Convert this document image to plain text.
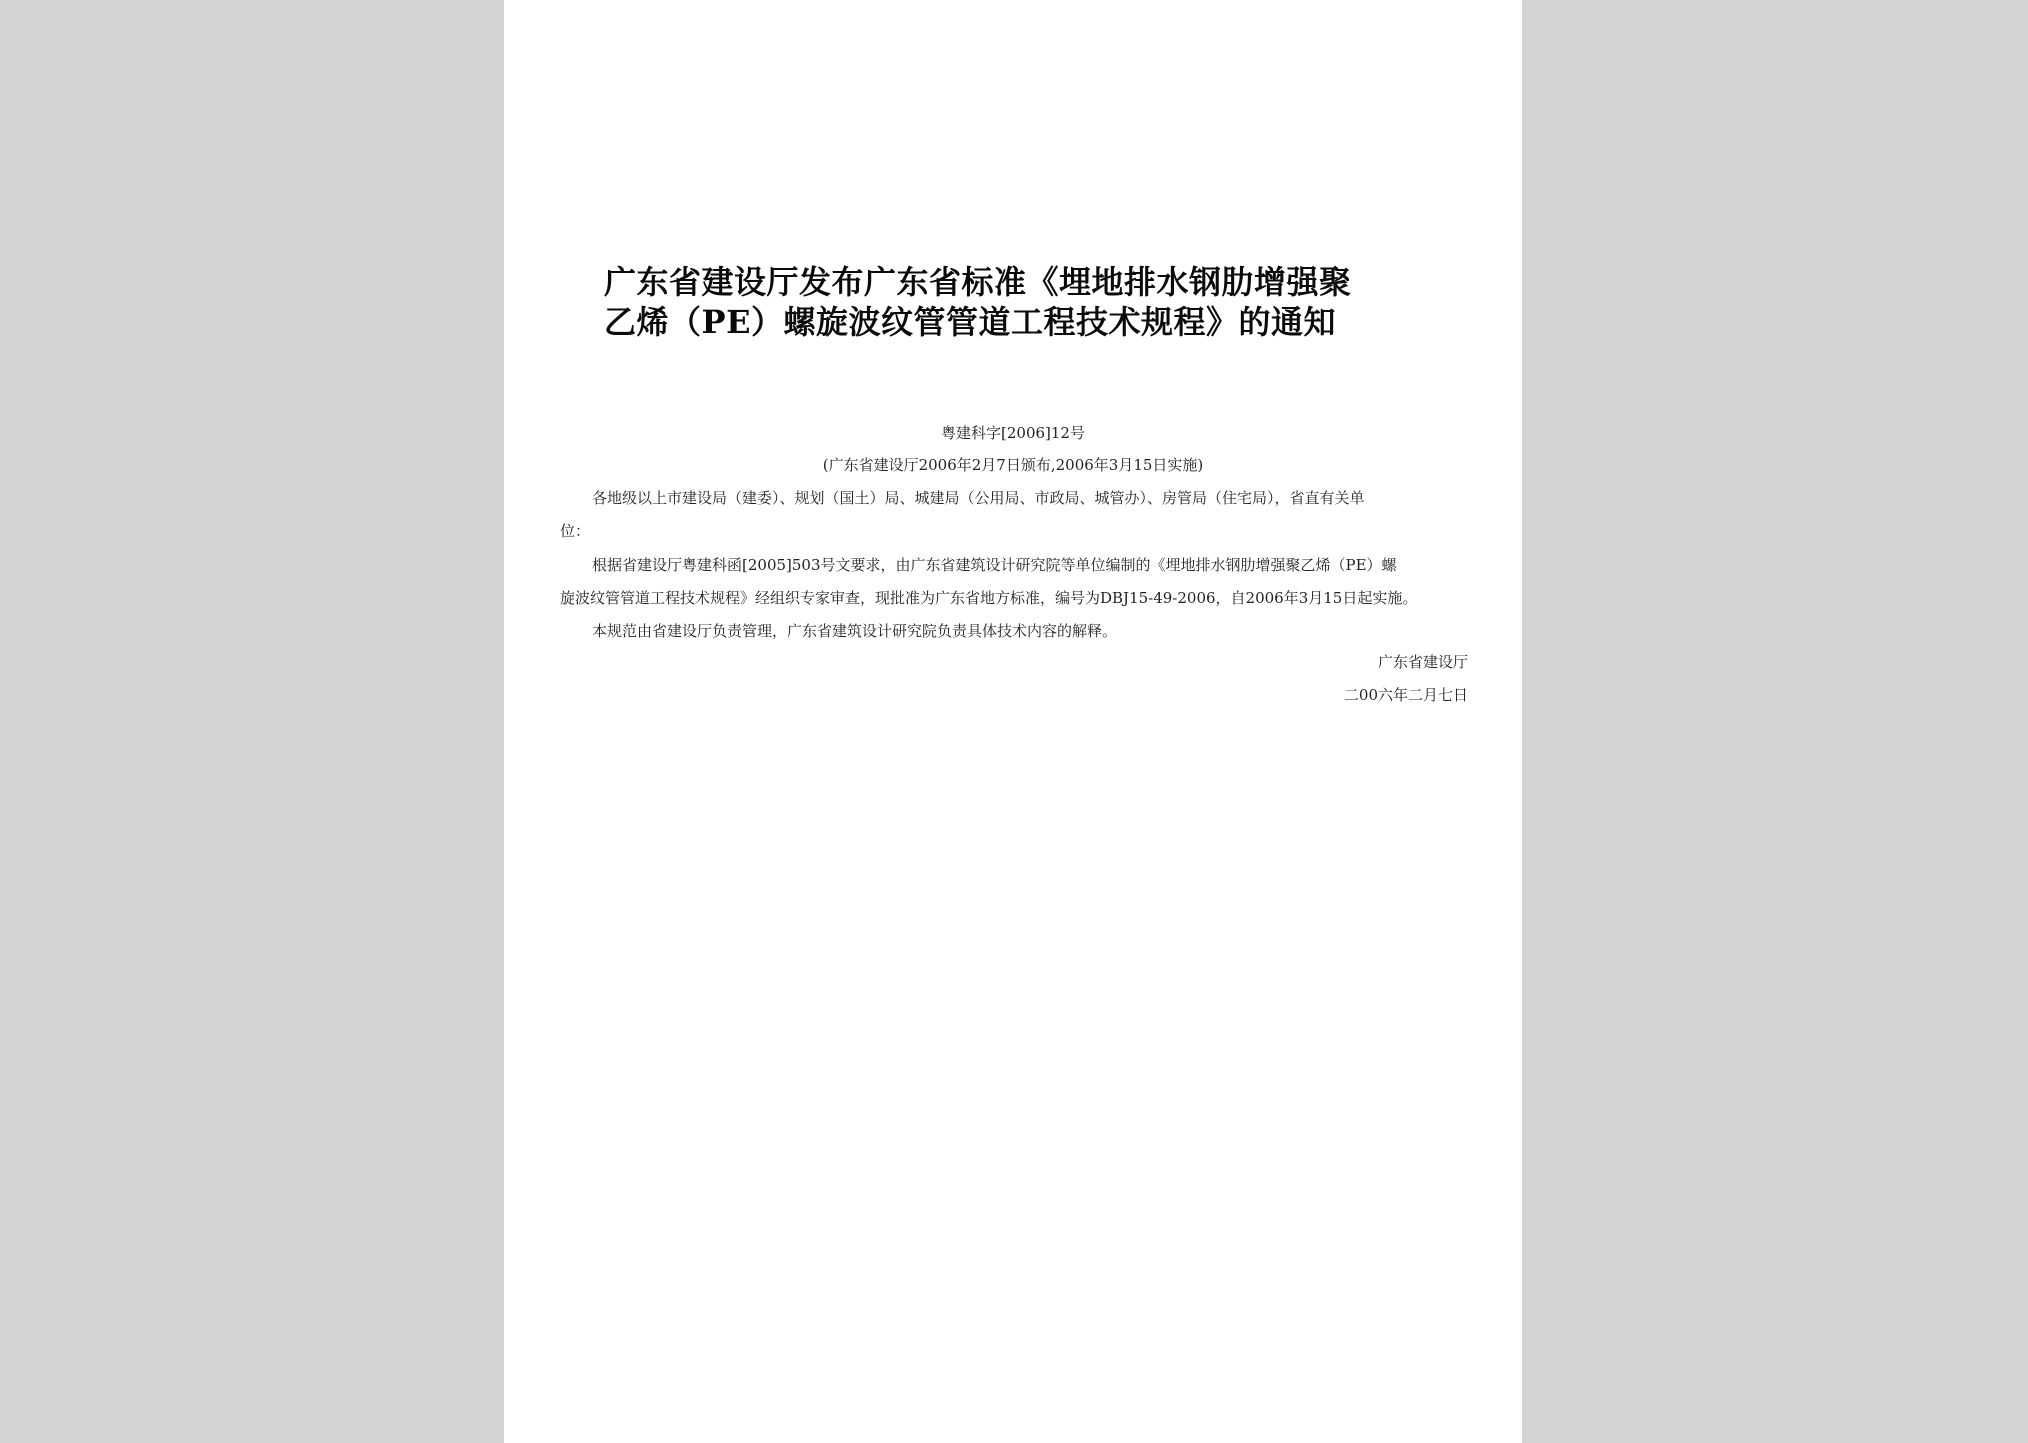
广东省建设厅发布广东省标准《埋地排水钢肋增强聚
乙烯（PE）螺旋波纹管管道工程技术规程》的通知
粤建科字[2006]12号
(广东省建设厅2006年2月7日颁布,2006年3月15日实施)

各地级以上市建设局（建委）、规划（国土）局、城建局（公用局、市政局、城管办）、房管局（住宅局），省直有关单

位：

根据省建设厅粤建科函[2005]503号文要求，由广东省建筑设计研究院等单位编制的《埋地排水钢肋增强聚乙烯（PE）螺

旋波纹管管道工程技术规程》经组织专家审查，现批准为广东省地方标准，编号为DBJ15-49-2006，自2006年3月15日起实施。

本规范由省建设厅负责管理，广东省建筑设计研究院负责具体技术内容的解释。

广东省建设厅
二00六年二月七日
